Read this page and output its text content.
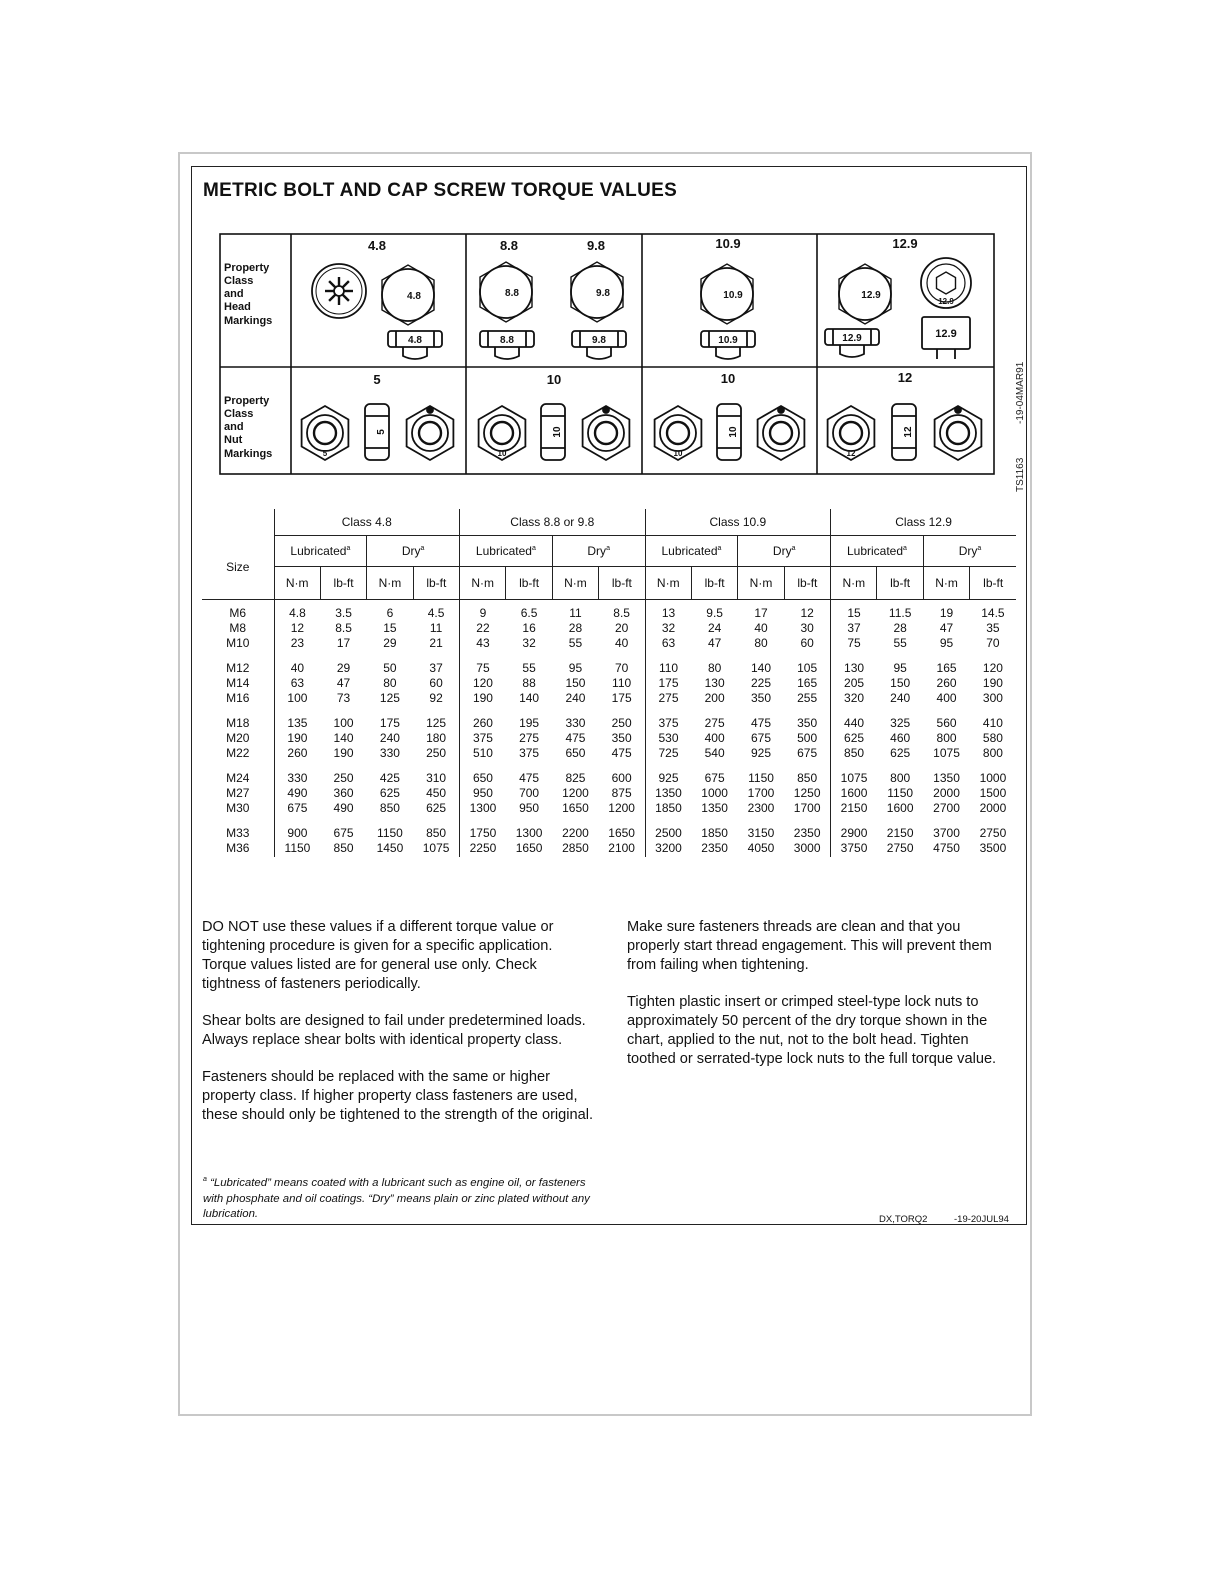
METRIC BOLT AND CAP SCREW TORQUE VALUES
Property Class and Head Markings
Property Class and Nut Markings
4.8	8.8	9.8	10.9	12.9
5	10	10	12
4.8
4.8
8.8
8.8
9.8
9.8
10.9
10.9
12.9
12.9
12.9
12.9
5
5
10
10
10
10
12
12
-19-04MAR91
TS1163
	Class 4.8				Class 8.8 or 9.8				Class 10.9				Class 12.9			
Size	Lubricated$^a$		Dry$^a$		Lubricated$^a$		Dry$^a$		Lubricated$^a$		Dry$^a$		Lubricated$^a$		Dry$^a$
	N·m	lb-ft	N·m	lb-ft	N·m	lb-ft	N·m	lb-ft	N·m	lb-ft	N·m	lb-ft	N·m	lb-ft	N·m	lb-ft

M6	4.8	3.5	6	4.5	9	6.5	11	8.5	13	9.5	17	12	15	11.5	19	14.5
M8	12	8.5	15	11	22	16	28	20	32	24	40	30	37	28	47	35
M10	23	17	29	21	43	32	55	40	63	47	80	60	75	55	95	70

M12	40	29	50	37	75	55	95	70	110	80	140	105	130	95	165	120
M14	63	47	80	60	120	88	150	110	175	130	225	165	205	150	260	190
M16	100	73	125	92	190	140	240	175	275	200	350	255	320	240	400	300

M18	135	100	175	125	260	195	330	250	375	275	475	350	440	325	560	410
M20	190	140	240	180	375	275	475	350	530	400	675	500	625	460	800	580
M22	260	190	330	250	510	375	650	475	725	540	925	675	850	625	1075	800

M24	330	250	425	310	650	475	825	600	925	675	1150	850	1075	800	1350	1000
M27	490	360	625	450	950	700	1200	875	1350	1000	1700	1250	1600	1150	2000	1500
M30	675	490	850	625	1300	950	1650	1200	1850	1350	2300	1700	2150	1600	2700	2000

M33	900	675	1150	850	1750	1300	2200	1650	2500	1850	3150	2350	2900	2150	3700	2750
M36	1150	850	1450	1075	2250	1650	2850	2100	3200	2350	4050	3000	3750	2750	4750	3500

DO NOT use these values if a different torque value or tightening procedure is given for a specific application. Torque values listed are for general use only. Check tightness of fasteners periodically.

Shear bolts are designed to fail under predetermined loads. Always replace shear bolts with identical property class.

Fasteners should be replaced with the same or higher property class. If higher property class fasteners are used, these should only be tightened to the strength of the original.

Make sure fasteners threads are clean and that you properly start thread engagement. This will prevent them from failing when tightening.

Tighten plastic insert or crimped steel-type lock nuts to approximately 50 percent of the dry torque shown in the chart, applied to the nut, not to the bolt head. Tighten toothed or serrated-type lock nuts to the full torque value.

$^a$ “Lubricated” means coated with a lubricant such as engine oil, or fasteners with phosphate and oil coatings. “Dry” means plain or zinc plated without any lubrication.	DX,TORQ2	-19-20JUL94
